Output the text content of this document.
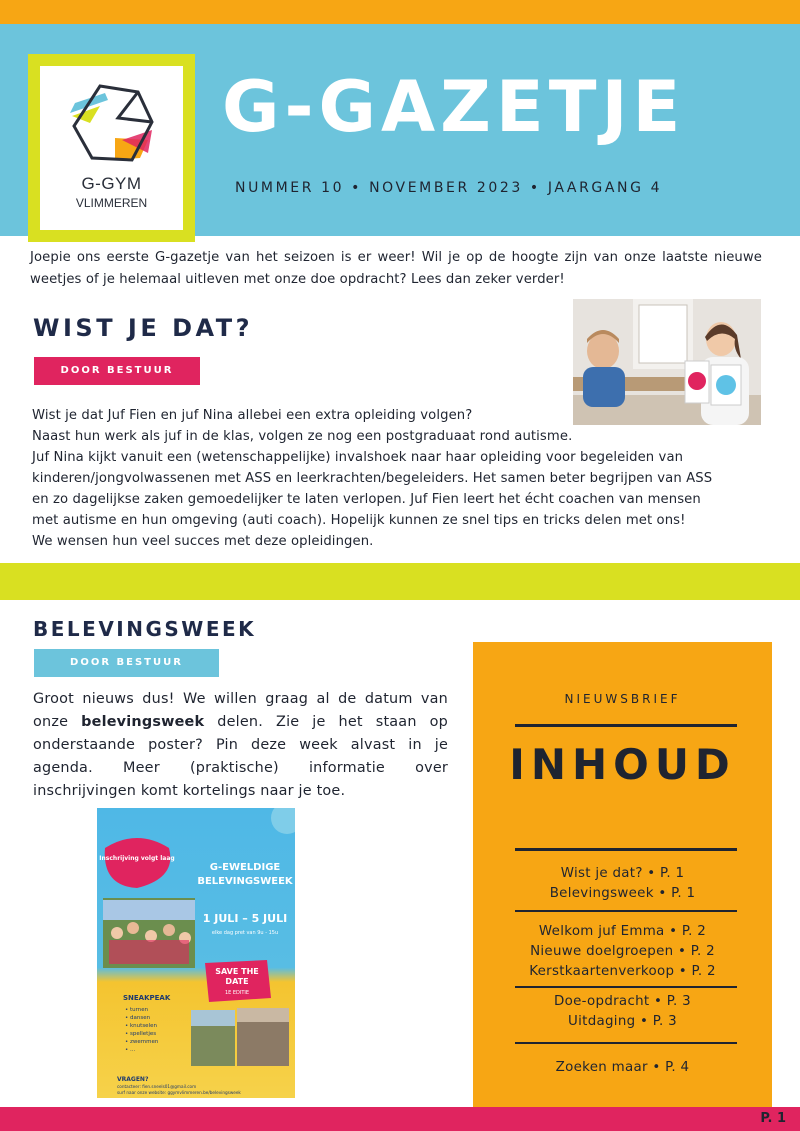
G-GYM
VLIMMEREN
G-GAZETJE
NUMMER 10 • NOVEMBER 2023 • JAARGANG 4

Joepie ons eerste G-gazetje van het seizoen is er weer! Wil je op de hoogte zijn van onze laatste nieuwe weetjes of je helemaal uitleven met onze doe opdracht? Lees dan zeker verder!

WIST JE DAT?
DOOR BESTUUR

Wist je dat Juf Fien en juf Nina allebei een extra opleiding volgen?

Naast hun werk als juf in de klas, volgen ze nog een postgraduaat rond autisme.

Juf Nina kijkt vanuit een (wetenschappelijke) invalshoek naar haar opleiding voor begeleiden van

kinderen/jongvolwassenen met ASS en leerkrachten/begeleiders. Het samen beter begrijpen van ASS

en zo dagelijkse zaken gemoedelijker te laten verlopen. Juf Fien leert het écht coachen van mensen

met autisme en hun omgeving (auti coach). Hopelijk kunnen ze snel tips en tricks delen met ons!

We wensen hun veel succes met deze opleidingen.

BELEVINGSWEEK
DOOR BESTUUR

Groot nieuws dus! We willen graag al de datum van onze belevingsweek delen. Zie je het staan op onderstaande poster? Pin deze week alvast in je agenda. Meer (praktische) informatie over inschrijvingen komt kortelings naar je toe.

Inschrijving volgt laag
G-EWELDIGE
BELEVINGSWEEK
1 JULI – 5 JULI
elke dag pret van 9u - 15u
SAVE THE
DATE
1E EDITIE
SNEAKPEAK
• turnen
• dansen
• knutselen
• spelletjes
• zwemmen
• ...
VRAGEN?
contacteer: fien.sneels01@gmail.com
surf naar onze website: ggymvlimmeren.be/belevingsweek
NIEUWSBRIEF
INHOUD
Wist je dat? • P. 1
Belevingsweek • P. 1
Welkom juf Emma • P. 2
Nieuwe doelgroepen • P. 2
Kerstkaartenverkoop • P. 2
Doe-opdracht • P. 3
Uitdaging • P. 3
Zoeken maar • P. 4
P. 1
